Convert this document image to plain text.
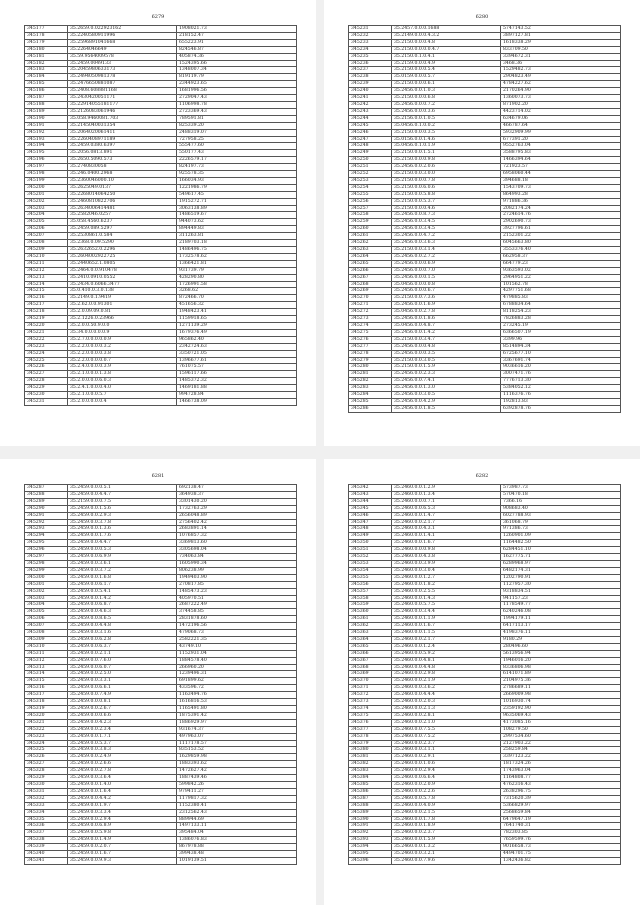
6279
345177	35.2659.0.022923162	1908021.73
345178	35.2240580911996	218152.47
345179	35.2596891041668	655223.91
345180	35.2264046649	824546.87
345181	35.59.9564009578	405874.36
345182	35.2459.0049133	1524395.66
345183	35.2045980633173	1348007.34
345184	35.2494050981378	819119.79
345185	35.2476650881087	2344923.65
345186	35.2408.608881168	1681996.56
345187	35.2430420051171	2729047.43
345188	35.22914055181177	1106998.78
345189	35.2126083061946	2723369.43
345190	35.058.9460081.703	789591.81
345191	35.2145040031354	825339.20
345192	35.2064020061411	2488319.07
345193	35.2260408971189	727958.25
345194	35.2459.0380.6397	555477.60
345195	35.2056.0813.891	550177.43
345196	35.2650.5090.573	2226579.17
345197	35.2740830058	824197.73
345198	35.246.0400.2968	925578.35
345199	35.2360046000.10	166034.93
345200	35.2625049.0137	1221986.79
345201	35.2268014064250	549617.45
345202	35.2460810822706	1915272.71
345203	35.2634006414481	3063138.89
345204	35.2582046.0257	1486519.67
345205	35.058.4560.6237	944073.62
345206	35.2459.089.5297	894449.83
345207	35.2530861.0.584	311263.81
345208	35.2368.0.09.5290	2189703.18
345209	35.2632652.0.2296	1486496.75
345210	35.2604002922725	1732578.62
345211	35.2440652.1.0805	1366421.81
345212	35.2464.0.0.910478	931739.79
345213	35.2410.0910.0552	428290.80
345214	35.2434.0.6066.3477	1726991.58
345215	35.0.410.0.3.0.138	3268.62
345216	35.2149.0.1.9419	872466.70
345217	35.2.62.0.0.91301	451656.32
345218	35.2.0.09.09.0.81	1948423.41
345219	35.2.1226.0.23966	1159918.65
345220	35.2.0.0.50.9.0.0	1271139.29
345221	35.34.0.0.0.0.0.9	1679376.49
345222	35.2.7.0.0.0.0.0.9	965862.40
345223	35.2.2.0.0.0.0.3.2	2342724.63
345224	35.2.2.0.0.0.0.3.8	3350721.05
345225	35.2.2.0.0.0.0.0.7	1396677.61
345226	35.2.4.0.0.0.0.3.9	761075.57
345227	35.2.1.0.0.0.1.3.8	1596117.66
345228	35.2.0.0.0.0.6.0.3	1485372.32
345229	35.2.4.1.0.0.0.4.0	1469181.88
345230	35.2.1.0.0.0.5.7	994728.84
345231	35.2.0.0.0.0.0.4	1466738.09
6280
345231	35.2457.0.0.0.1688	5747143.52
345232	35.2149.0.0.0.4.3.2	3897127.81
345233	35.2150.0.0.0.4.8	1618338.29
345234	35.2150.0.0.0.0.4.7	833709.50
345235	35.2150.0.1.0.4.1	3394672.31
345236	35.2159.0.0.0.4.9	3468.36
345237	35.2150.0.0.0.5.4	1529482.73
345238	35.0159.0.0.0.5.7	2904823.49
345239	35.2150.0.0.0.6.1	4784227.62
345240	35.2456.0.0.1.0.3	2170264.90
345241	35.2150.0.0.0.6.8	1360073.73
345242	35.2456.0.0.0.7.2	871902.20
345243	35.2456.0.0.0.3.6	4423714.02
345244	35.2156.0.0.1.0.5	634679.06
345245	35.0456.0.1.0.0.2	466787.64
345246	35.2150.0.0.0.3.5	5932909.99
345247	35.0156.0.0.1.4.6	677391.20
345248	35.0456.0.1.0.1.9	9552763.04
345249	35.2150.0.0.1.5.1	3588795.83
345250	35.2150.0.0.0.9.8	1466394.64
345251	35.2456.0.0.2.0.6	721923.57
345252	35.2150.0.0.3.0.0	6958060.44
345253	35.2150.0.0.0.7.8	394688.18
345254	35.2150.0.0.6.0.6	1543709.73
345255	35.2150.0.0.5.8.8	864993.28
345256	35.2150.0.0.5.3.7	971886.36
345257	35.2150.0.0.0.4.6	2082174.24
345258	35.2456.0.0.8.7.3	2724614.76
345259	35.2456.0.0.3.4.5	2902690.73
345260	35.2456.0.0.3.4.5	3927796.61
345261	35.2456.0.0.4.7.2	2152301.22
345262	35.2456.0.0.3.6.3	6045663.80
345263	35.2150.0.0.3.1.4	3553376.40
345264	35.2456.0.0.2.7.2	662958.37
345265	35.2456.0.0.0.6.9	664779.23
345266	35.2456.0.0.0.7.0	9363593.02
345267	35.2456.0.0.0.1.5	2964951.22
345268	35.0456.0.0.0.0.8	101562.78
345269	35.2456.0.0.0.6.7	4297751.68
345270	35.2150.0.0.7.3.6	479885.83
345271	35.2456.0.0.1.6.9	6788834.64
345272	35.0456.0.0.2.7.8	8118254.23
345273	35.2456.0.0.1.8.6	7826883.28
345274	35.0456.0.0.4.8.7	273245.19
345275	35.2456.0.0.1.4.2	6366507.19
345276	35.2150.0.0.3.4.7	3399.96
345277	35.2456.0.0.0.4.8	8514894.34
345278	35.2456.0.0.0.3.5	6725677.10
345279	35.2150.0.0.3.0.5	3367691.74
345280	35.2150.0.0.1.5.9	9036616.20
345281	35.2456.0.0.2.3.3	3007471.76
345282	35.2456.0.0.7.4.1	7776713.30
345283	35.2456.0.0.1.3.0	5384052.12
345284	35.2456.0.0.3.0.5	1116376.76
345285	35.2456.0.0.4.2.9	192813.83
345286	35.2456.0.0.1.8.5	6392878.76
6281
345287	35.2459.0.0.0.5.1	692138.47
345288	35.2459.0.0.4.4.7	364938.37
345289	35.2159.0.0.0.7.5	3301430.20
345290	35.2459.0.0.1.5.6	1732763.29
345291	35.2459.0.0.2.9.3	2656048.89
345292	35.2459.0.0.3.7.8	2756402.42
345293	35.2459.0.0.1.3.6	2683891.14
345294	35.2459.0.0.1.7.6	1076857.32
345295	35.2459.0.0.4.4.7	3369813.60
345296	35.2459.0.0.0.5.3	3305698.04
345297	35.2459.0.0.6.9.9	734063.84
345298	35.2459.0.0.3.6.1	1605990.34
345299	35.2459.0.0.3.7.2	806238.99
345300	35.2459.0.0.1.6.8	1949403.90
345301	35.2459.0.0.6.1.7	270817.85
345302	35.2459.0.0.5.4.1	1485473.23
345303	35.2459.0.0.1.4.2	405970.51
345304	35.2459.0.0.6.8.7	2687222.49
345305	35.2459.0.0.4.6.3	374458.85
345306	35.2459.0.0.8.6.5	2831878.60
345307	35.2459.0.0.4.4.8	1472196.56
345308	35.2459.0.0.3.1.6	479068.73
345309	35.2459.0.0.6.2.8	2582221.35
345310	35.2459.0.0.6.3.7	43749.10
345311	35.2459.0.0.2.1.1	1152931.04
345312	35.2459.0.0.7.6.0	1884578.40
345313	35.2459.0.0.6.0.7	266960.20
345314	35.2459.0.0.2.5.0	1239496.31
345315	35.2459.0.0.3.3.1	691899.62
345316	35.2459.0.0.6.6.1	433596.72
345317	35.2459.0.0.7.4.9	1163494.76
345318	35.2459.0.0.0.8.1	1616816.53
345319	35.2459.0.0.2.6.7	1165491.80
345320	35.2459.0.0.0.6.6	1875391.42
345321	35.2459.0.0.4.2.3	1886929.97
345322	35.2459.0.0.2.3.4	931674.37
345323	35.2459.0.0.1.7.1	497963.07
345324	35.2459.0.0.5.3.7	1117178.57
345325	35.2459.0.0.3.8.3	835153.52
345326	35.2459.0.0.2.4.9	1629859.98
345327	35.2459.0.0.2.6.6	1883393.62
345328	35.2459.0.0.2.7.8	1472627.42
345329	35.2459.0.0.3.6.4	1887439.46
345330	35.2459.0.0.1.4.0	599842.26
345331	35.2459.0.0.1.6.4	979411.27
345332	35.2459.0.0.4.4.2	1179817.32
345333	35.2459.0.0.1.9.7	1152380.41
345334	35.2459.0.0.3.3.4	2312562.43
345335	35.2459.0.0.2.9.4	889944.69
345336	35.2459.0.0.6.8.9	1497133.11
345337	35.2459.0.0.5.9.8	395484.04
345338	35.2459.0.0.1.4.9	1386076.83
345339	35.2459.0.0.2.0.7	867978.88
345340	35.2459.0.0.1.6.7	399438.48
345341	35.2459.0.0.9.9.3	1019139.51
6282
345342	35.2460.0.0.1.2.9	573987.73
345343	35.2460.0.0.1.3.4	570470.18
345344	35.2460.0.0.0.7.1	7366.16
345345	35.2460.0.0.6.5.3	908683.40
345346	35.2460.0.0.1.4.7	6027788.93
345347	35.2460.0.0.2.1.7	361068.79
345348	35.2460.0.0.4.3.1	971386.73
345349	35.2460.0.0.1.4.1	1260901.09
345350	35.2460.0.0.1.6.7	1164482.50
345351	35.2460.0.0.0.9.8	6284451.10
345352	35.2460.0.0.4.3.8	1627775.71
345353	35.2460.0.0.3.9.9	6289968.97
345354	35.2460.0.0.3.0.4	6482174.31
345355	35.2460.0.0.1.2.7	1202790.91
345356	35.2460.0.0.1.8.2	1127957.30
345357	35.2460.0.0.2.5.5	9318834.51
345358	35.2460.0.0.1.4.3	941157.23
345359	35.2460.0.0.5.7.5	1178549.77
345360	35.2460.0.0.3.4.4	6240246.08
345361	35.2460.0.0.1.1.9	1994179.11
345362	35.2460.0.0.1.6.7	6417113.17
345363	35.2460.0.0.1.1.5	4198376.11
345364	35.2460.0.0.2.1.7	9180.29
345365	35.2460.0.0.1.2.4	280496.60
345366	35.2460.0.0.5.9.2	5613956.94
345367	35.2460.0.0.4.8.1	1946016.20
345368	35.2460.0.0.4.4.8	8336806.98
345369	35.2460.0.0.2.9.8	6141071.89
345370	35.2460.0.0.2.1.9	2104975.36
345371	35.2460.0.0.3.6.2	2786689.11
345372	35.2460.0.0.4.4.4	2669009.98
345373	35.2460.0.0.2.0.3	1016930.74
345374	35.2460.0.0.2.1.3	2359192.90
345375	35.2460.0.0.2.8.1	9635069.43
345376	35.2460.0.0.2.1.0	4173085.16
345377	35.2460.0.0.7.5.5	108279.50
345378	35.2460.0.0.7.5.2	2997534.60
345379	35.2460.0.0.2.3.7	2127903.22
345380	35.2460.0.0.3.1.1	258259.84
345381	35.2460.0.0.2.9.1	3397123.22
345382	35.2460.0.0.1.0.6	1817324.26
345383	35.2460.0.0.2.9.4	1743963.04
345384	35.2460.0.0.6.6.4	1164808.77
345385	35.2460.0.0.2.0.9	4762316.43
345386	35.2460.0.0.2.2.6	2638296.75
345387	35.2460.0.0.5.7.8	7315620.39
345388	35.2460.0.0.4.0.9	5366829.97
345389	35.2460.0.0.2.1.5	2568659.84
345390	35.2460.0.0.1.7.8	6479647.19
345391	35.2460.0.0.1.8.9	7641740.31
345392	35.2460.0.0.2.3.7	782303.85
345393	35.2460.0.0.1.5.9	7659599.76
345394	35.2460.0.0.1.3.2	9016658.73
345395	35.2460.0.0.3.2.1	4494701.75
345396	35.2460.0.0.7.9.6	1342436.82
